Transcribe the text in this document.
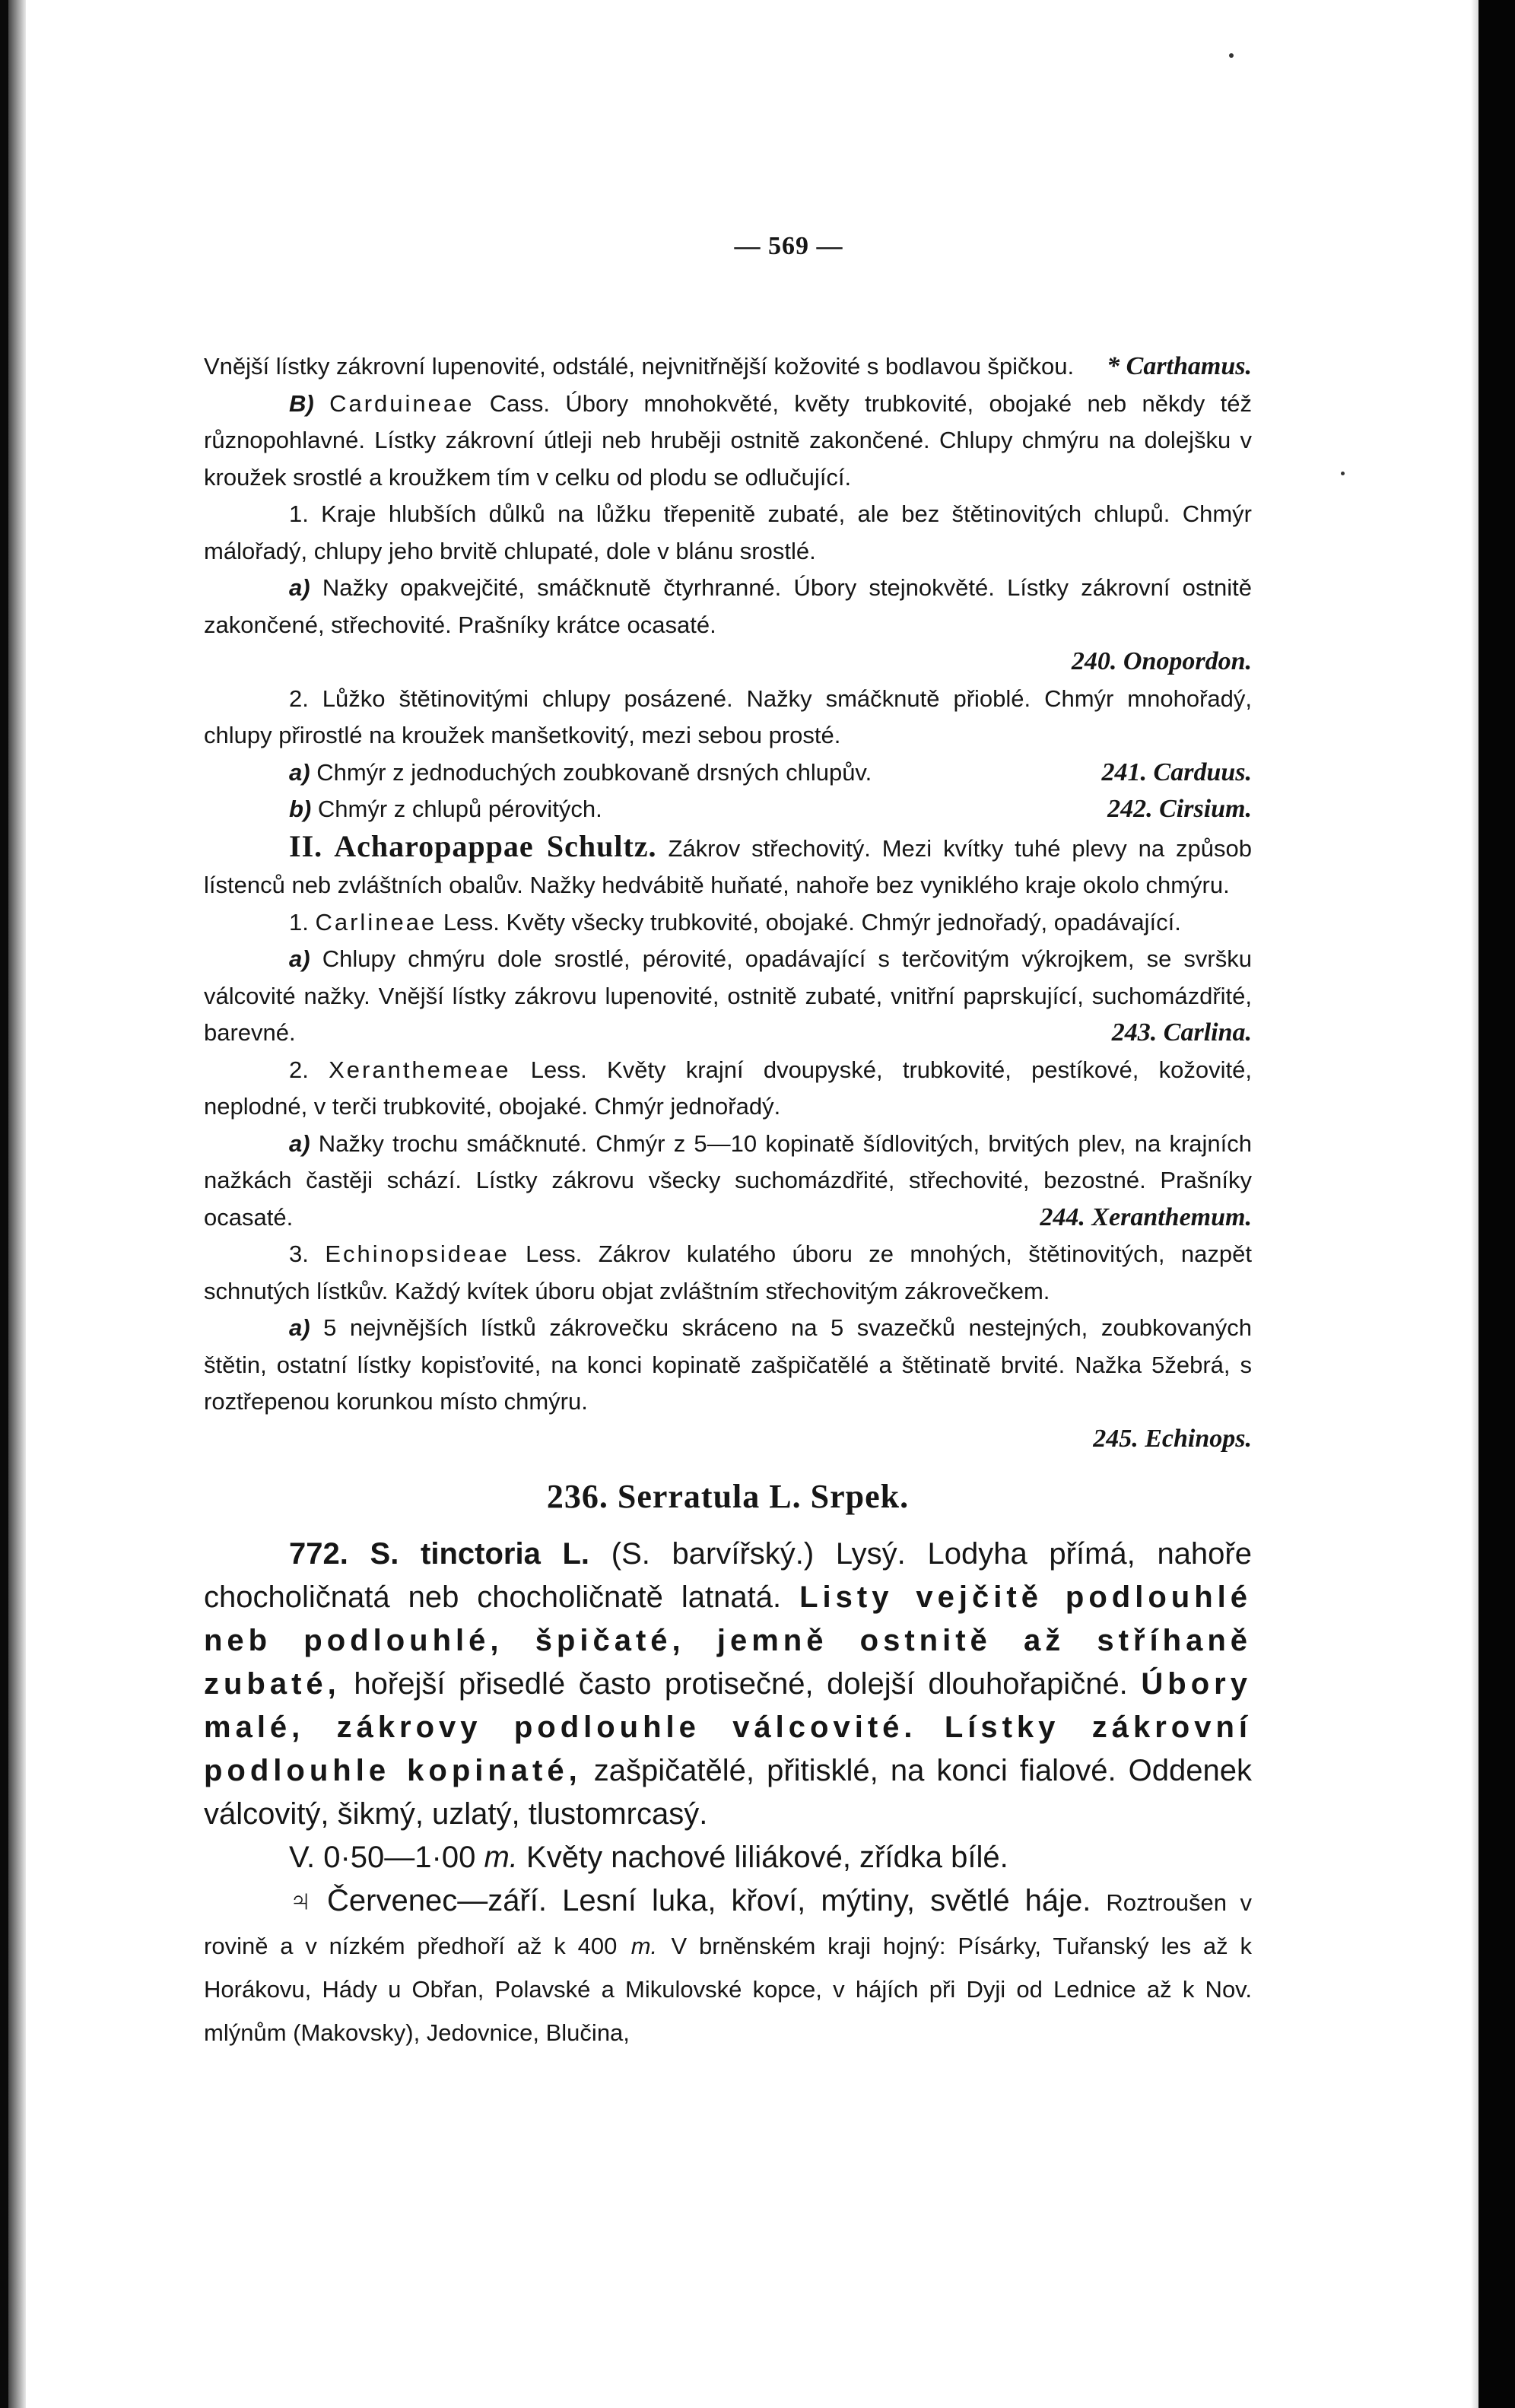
— 569 —

Vnější lístky zákrovní lupenovité, odstálé, nejvnitřnější kožovité s bodlavou špičkou. * Carthamus.

B) Carduineae Cass. Úbory mnohokvěté, květy trubkovité, obojaké neb někdy též různopohlavné. Lístky zákrovní útleji neb hruběji ostnitě zakončené. Chlupy chmýru na dolejšku v kroužek srostlé a kroužkem tím v celku od plodu se odlučující.

1. Kraje hlubších důlků na lůžku třepenitě zubaté, ale bez štětinovitých chlupů. Chmýr málořadý, chlupy jeho brvitě chlupaté, dole v blánu srostlé.

a) Nažky opakvejčité, smáčknutě čtyrhranné. Úbory stejnokvěté. Lístky zákrovní ostnitě zakončené, střechovité. Prašníky krátce ocasaté.

240. Onopordon.

2. Lůžko štětinovitými chlupy posázené. Nažky smáčknutě přioblé. Chmýr mnohořadý, chlupy přirostlé na kroužek manšetkovitý, mezi sebou prosté.

a) Chmýr z jednoduchých zoubkovaně drsných chlupův.	241. Carduus.

b) Chmýr z chlupů pérovitých.	242. Cirsium.

II. Acharopappae Schultz. Zákrov střechovitý. Mezi kvítky tuhé plevy na způsob lístenců neb zvláštních obalův. Nažky hedvábitě huňaté, nahoře bez vyniklého kraje okolo chmýru.

1. Carlineae Less. Květy všecky trubkovité, obojaké. Chmýr jednořadý, opadávající.

a) Chlupy chmýru dole srostlé, pérovité, opadávající s terčovitým výkrojkem, se svršku válcovité nažky. Vnější lístky zákrovu lupenovité, ostnitě zubaté, vnitřní paprskující, suchomázdřité, barevné.	243. Carlina.

2. Xeranthemeae Less. Květy krajní dvoupyské, trubkovité, pestíkové, kožovité, neplodné, v terči trubkovité, obojaké. Chmýr jednořadý.

a) Nažky trochu smáčknuté. Chmýr z 5—10 kopinatě šídlovitých, brvitých plev, na krajních nažkách častěji schází. Lístky zákrovu všecky suchomázdřité, střechovité, bezostné. Prašníky ocasaté.	244. Xeranthemum.

3. Echinopsideae Less. Zákrov kulatého úboru ze mnohých, štětinovitých, nazpět schnutých lístkův. Každý kvítek úboru objat zvláštním střechovitým zákrovečkem.

a) 5 nejvnějších lístků zákrovečku skráceno na 5 svazečků nestejných, zoubkovaných štětin, ostatní lístky kopisťovité, na konci kopinatě zašpičatělé a štětinatě brvité. Nažka 5žebrá, s roztřepenou korunkou místo chmýru.

245. Echinops.

236. Serratula L. Srpek.

772. S. tinctoria L. (S. barvířský.) Lysý. Lodyha přímá, nahoře chocholičnatá neb chocholičnatě latnatá. Listy vejčitě podlouhlé neb podlouhlé, špičaté, jemně ostnitě až stříhaně zubaté, hořejší přisedlé často protisečné, dolejší dlouhořapičné. Úbory malé, zákrovy podlouhle válcovité. Lístky zákrovní podlouhle kopinaté, zašpičatělé, přitisklé, na konci fialové. Oddenek válcovitý, šikmý, uzlatý, tlustomrcasý.

V. 0·50—1·00 m. Květy nachové liliákové, zřídka bílé.

♃ Červenec—září. Lesní luka, křoví, mýtiny, světlé háje. Roztroušen v rovině a v nízkém předhoří až k 400 m. V brněnském kraji hojný: Písárky, Tuřanský les až k Horákovu, Hády u Obřan, Polavské a Mikulovské kopce, v hájích při Dyji od Lednice až k Nov. mlýnům (Makovsky), Jedovnice, Blučina,
